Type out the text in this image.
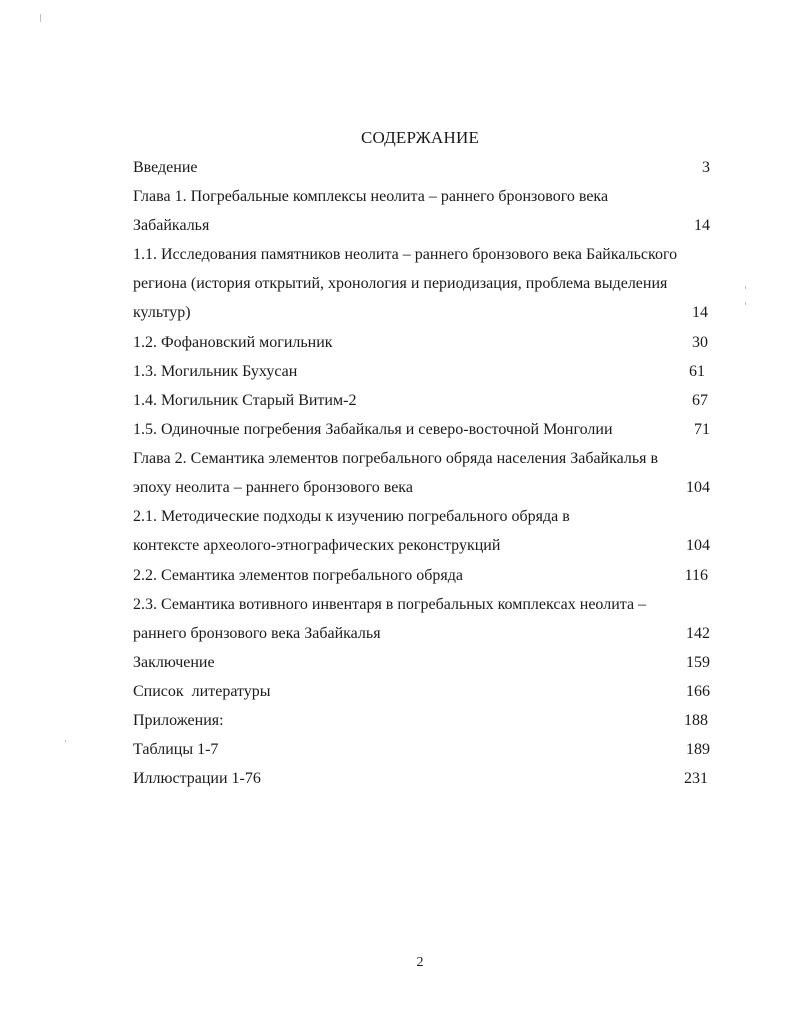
СОДЕРЖАНИЕ
Введение	3
Глава 1. Погребальные комплексы неолита – раннего бронзового века
Забайкалья	14
1.1. Исследования памятников неолита – раннего бронзового века Байкальского
региона (история открытий, хронология и периодизация, проблема выделения
культур)	14
1.2. Фофановский могильник	30
1.3. Могильник Бухусан	61
1.4. Могильник Старый Витим-2	67
1.5. Одиночные погребения Забайкалья и северо-восточной Монголии	71
Глава 2. Семантика элементов погребального обряда населения Забайкалья в
эпоху неолита – раннего бронзового века	104
2.1. Методические подходы к изучению погребального обряда в
контексте археолого-этнографических реконструкций	104
2.2. Семантика элементов погребального обряда	116
2.3. Семантика вотивного инвентаря в погребальных комплексах неолита –
раннего бронзового века Забайкалья	142
Заключение	159
Список  литературы	166
Приложения:	188
Таблицы 1-7	189
Иллюстрации 1-76	231
2
